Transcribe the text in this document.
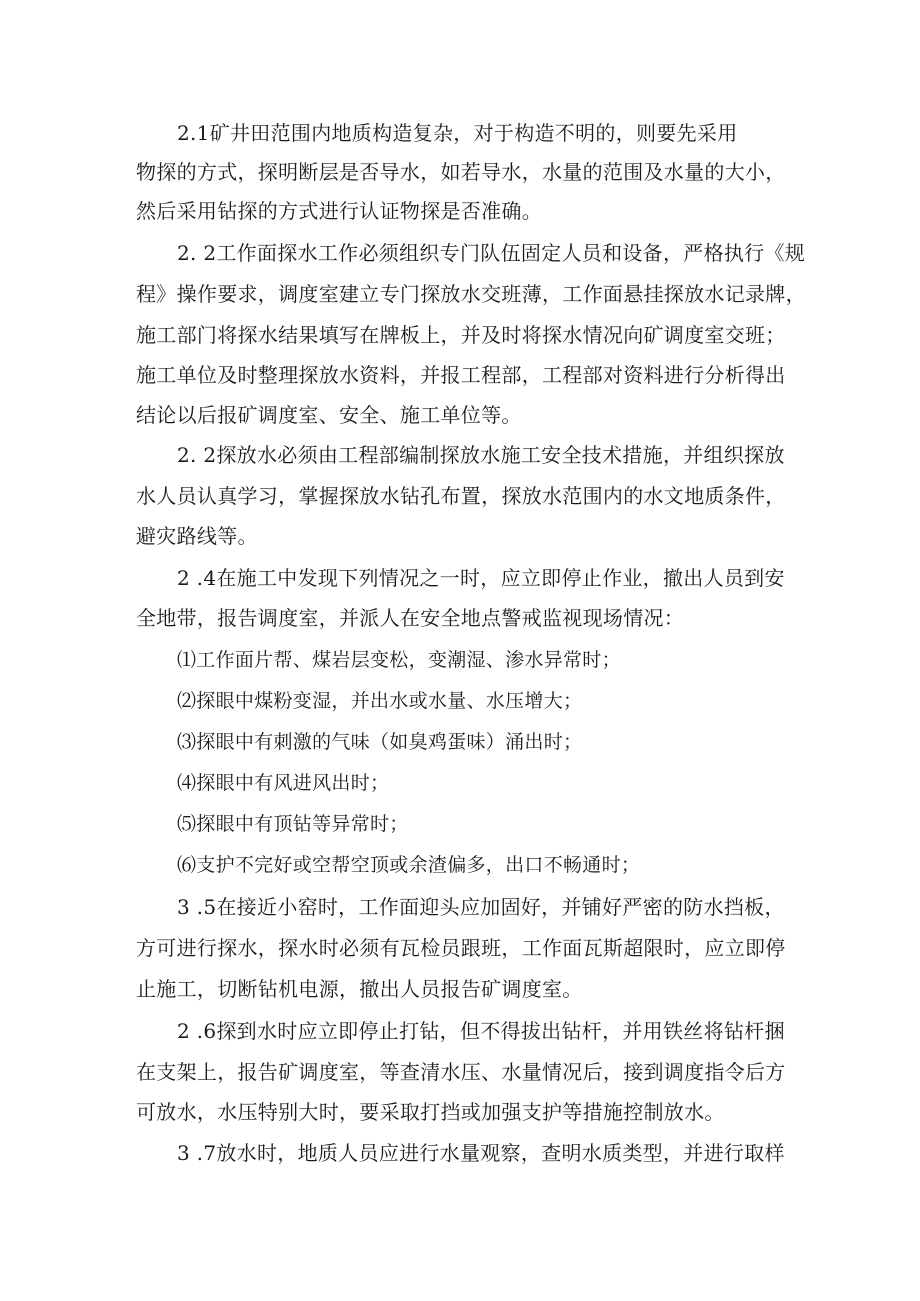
2.1矿井田范围内地质构造复杂，对于构造不明的，则要先采用
物探的方式，探明断层是否导水，如若导水，水量的范围及水量的大小，
然后采用钻探的方式进行认证物探是否准确。
2. 2工作面探水工作必须组织专门队伍固定人员和设备，严格执行《规
程》操作要求，调度室建立专门探放水交班薄，工作面悬挂探放水记录牌，
施工部门将探水结果填写在牌板上，并及时将探水情况向矿调度室交班；
施工单位及时整理探放水资料，并报工程部，工程部对资料进行分析得出
结论以后报矿调度室、安全、施工单位等。
2. 2探放水必须由工程部编制探放水施工安全技术措施，并组织探放
水人员认真学习，掌握探放水钻孔布置，探放水范围内的水文地质条件，
避灾路线等。
2 .4在施工中发现下列情况之一时，应立即停止作业，撤出人员到安
全地带，报告调度室，并派人在安全地点警戒监视现场情况：
⑴工作面片帮、煤岩层变松，变潮湿、渗水异常时；
⑵探眼中煤粉变湿，并出水或水量、水压增大；
⑶探眼中有刺激的气味（如臭鸡蛋味）涌出时；
⑷探眼中有风进风出时；
⑸探眼中有顶钻等异常时；
⑹支护不完好或空帮空顶或余渣偏多，出口不畅通时；
3 .5在接近小窑时，工作面迎头应加固好，并铺好严密的防水挡板，
方可进行探水，探水时必须有瓦检员跟班，工作面瓦斯超限时，应立即停
止施工，切断钻机电源，撤出人员报告矿调度室。
2 .6探到水时应立即停止打钻，但不得拔出钻杆，并用铁丝将钻杆捆
在支架上，报告矿调度室，等查清水压、水量情况后，接到调度指令后方
可放水，水压特别大时，要采取打挡或加强支护等措施控制放水。
3 .7放水时，地质人员应进行水量观察，查明水质类型，并进行取样
